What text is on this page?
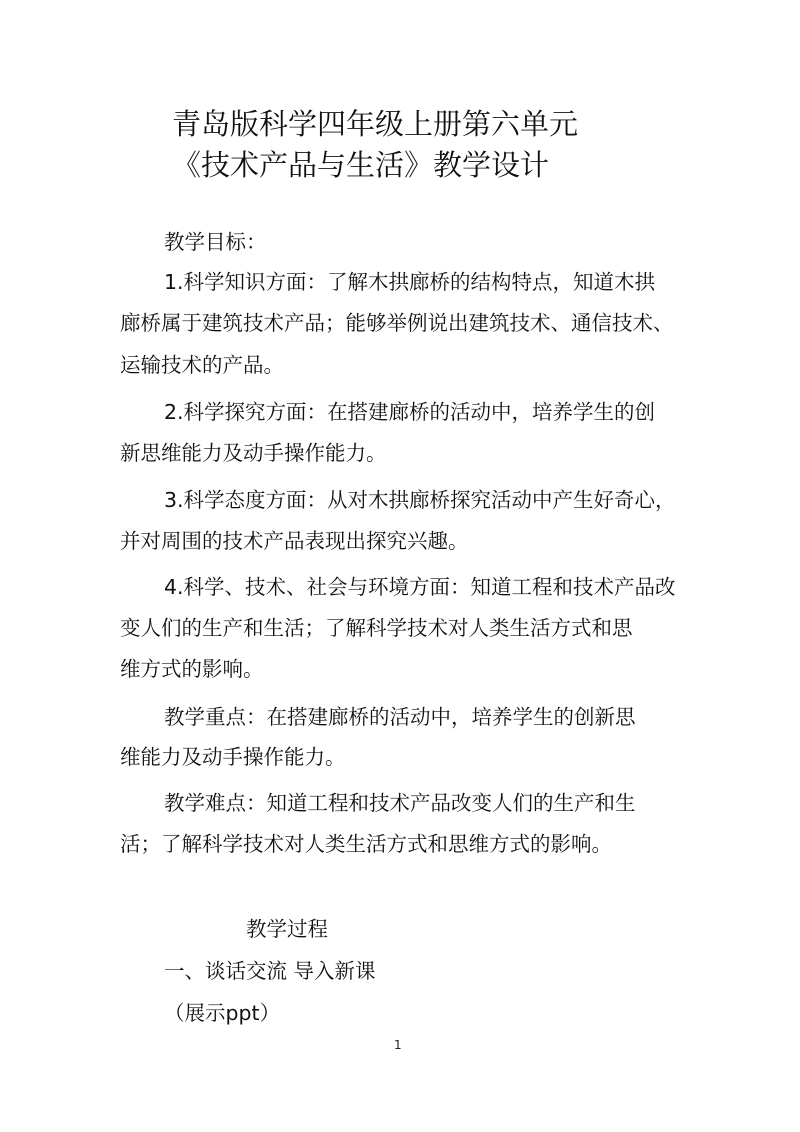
青岛版科学四年级上册第六单元
《技术产品与生活》教学设计
教学目标：
1.科学知识方面：了解木拱廊桥的结构特点，知道木拱
廊桥属于建筑技术产品；能够举例说出建筑技术、通信技术、
运输技术的产品。
2.科学探究方面：在搭建廊桥的活动中，培养学生的创
新思维能力及动手操作能力。
3.科学态度方面：从对木拱廊桥探究活动中产生好奇心，
并对周围的技术产品表现出探究兴趣。
4.科学、技术、社会与环境方面：知道工程和技术产品改
变人们的生产和生活；了解科学技术对人类生活方式和思
维方式的影响。
教学重点：在搭建廊桥的活动中，培养学生的创新思
维能力及动手操作能力。
教学难点：知道工程和技术产品改变人们的生产和生
活；了解科学技术对人类生活方式和思维方式的影响。
教学过程
一、谈话交流 导入新课
（展示ppt）
1
